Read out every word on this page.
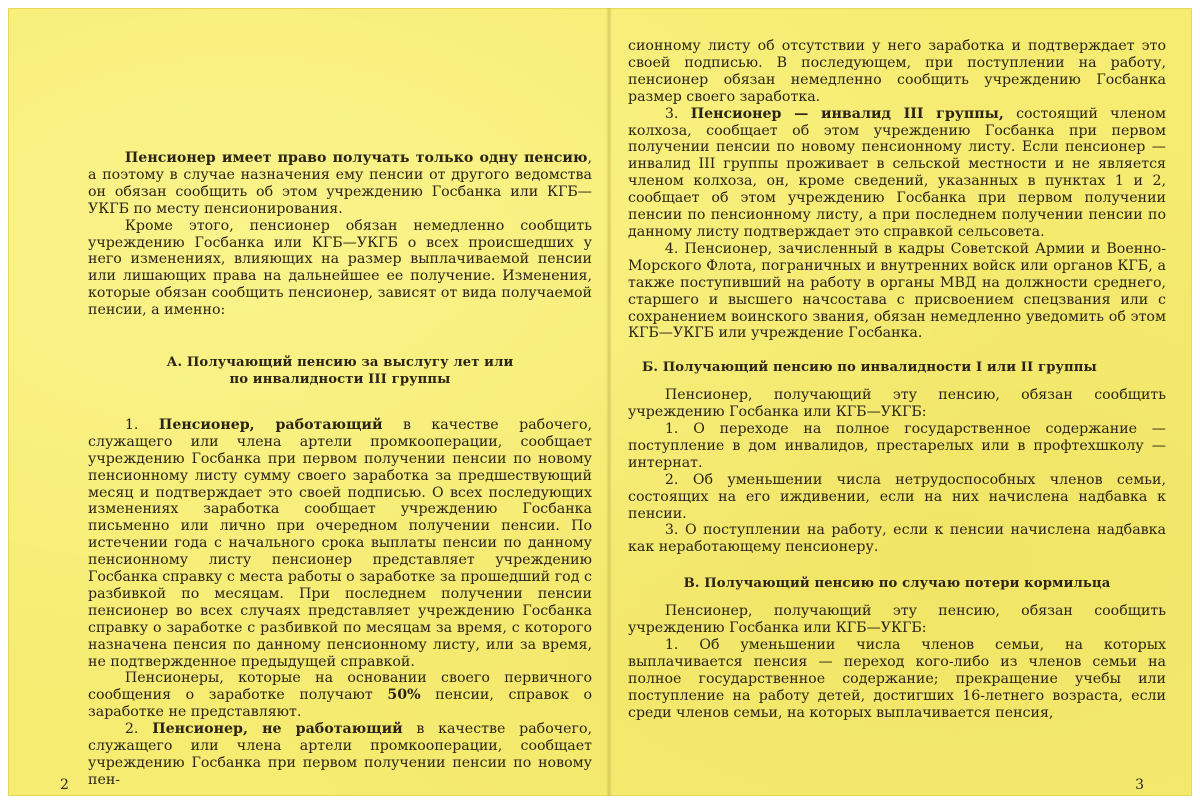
Пенсионер имеет право получать только одну пенсию, а поэтому в случае назначения ему пенсии от другого ведомства он обязан сообщить об этом учреждению Госбанка или КГБ—УКГБ по месту пенсионирования.

Кроме этого, пенсионер обязан немедленно сообщить учреждению Госбанка или КГБ—УКГБ о всех происшедших у него изменениях, влияющих на размер выплачиваемой пенсии или лишающих права на дальнейшее ее получение. Изменения, которые обязан сообщить пенсионер, зависят от вида получаемой пенсии, а именно:

А. Получающий пенсию за выслугу лет или

по инвалидности III группы

1. Пенсионер, работающий в качестве рабочего, служащего или члена артели промкооперации, сообщает учреждению Госбанка при первом получении пенсии по новому пенсионному листу сумму своего заработка за предшествующий месяц и подтверждает это своей подписью. О всех последующих изменениях заработка сообщает учреждению Госбанка письменно или лично при очередном получении пенсии. По истечении года с начального срока выплаты пенсии по данному пенсионному листу пенсионер представляет учреждению Госбанка справку с места работы о заработке за прошедший год с разбивкой по месяцам. При последнем получении пенсии пенсионер во всех случаях представляет учреждению Госбанка справку о заработке с разбивкой по месяцам за время, с которого назначена пенсия по данному пенсионному листу, или за время, не подтвержденное предыдущей справкой.

Пенсионеры, которые на основании своего первичного сообщения о заработке получают 50% пенсии, справок о заработке не представляют.

2. Пенсионер, не работающий в качестве рабочего, служащего или члена артели промкооперации, сообщает учреждению Госбанка при первом получении пенсии по новому пен-

2

сионному листу об отсутствии у него заработка и подтверждает это своей подписью. В последующем, при поступлении на работу, пенсионер обязан немедленно сообщить учреждению Госбанка размер своего заработка.

3. Пенсионер — инвалид III группы, состоящий членом колхоза, сообщает об этом учреждению Госбанка при первом получении пенсии по новому пенсионному листу. Если пенсионер — инвалид III группы проживает в сельской местности и не является членом колхоза, он, кроме сведений, указанных в пунктах 1 и 2, сообщает об этом учреждению Госбанка при первом получении пенсии по пенсионному листу, а при последнем получении пенсии по данному листу подтверждает это справкой сельсовета.

4. Пенсионер, зачисленный в кадры Советской Армии и Военно-Морского Флота, пограничных и внутренних войск или органов КГБ, а также поступивший на работу в органы МВД на должности среднего, старшего и высшего начсостава с присвоением спецзвания или с сохранением воинского звания, обязан немедленно уведомить об этом КГБ—УКГБ или учреждение Госбанка.

Б. Получающий пенсию по инвалидности I или II группы

Пенсионер, получающий эту пенсию, обязан сообщить учреждению Госбанка или КГБ—УКГБ:

1. О переходе на полное государственное содержание — поступление в дом инвалидов, престарелых или в профтехшколу — интернат.

2. Об уменьшении числа нетрудоспособных членов семьи, состоящих на его иждивении, если на них начислена надбавка к пенсии.

3. О поступлении на работу, если к пенсии начислена надбавка как неработающему пенсионеру.

В. Получающий пенсию по случаю потери кормильца

Пенсионер, получающий эту пенсию, обязан сообщить учреждению Госбанка или КГБ—УКГБ:

1. Об уменьшении числа членов семьи, на которых выплачивается пенсия — переход кого-либо из членов семьи на полное государственное содержание; прекращение учебы или поступление на работу детей, достигших 16-летнего возраста, если среди членов семьи, на которых выплачивается пенсия,

3
